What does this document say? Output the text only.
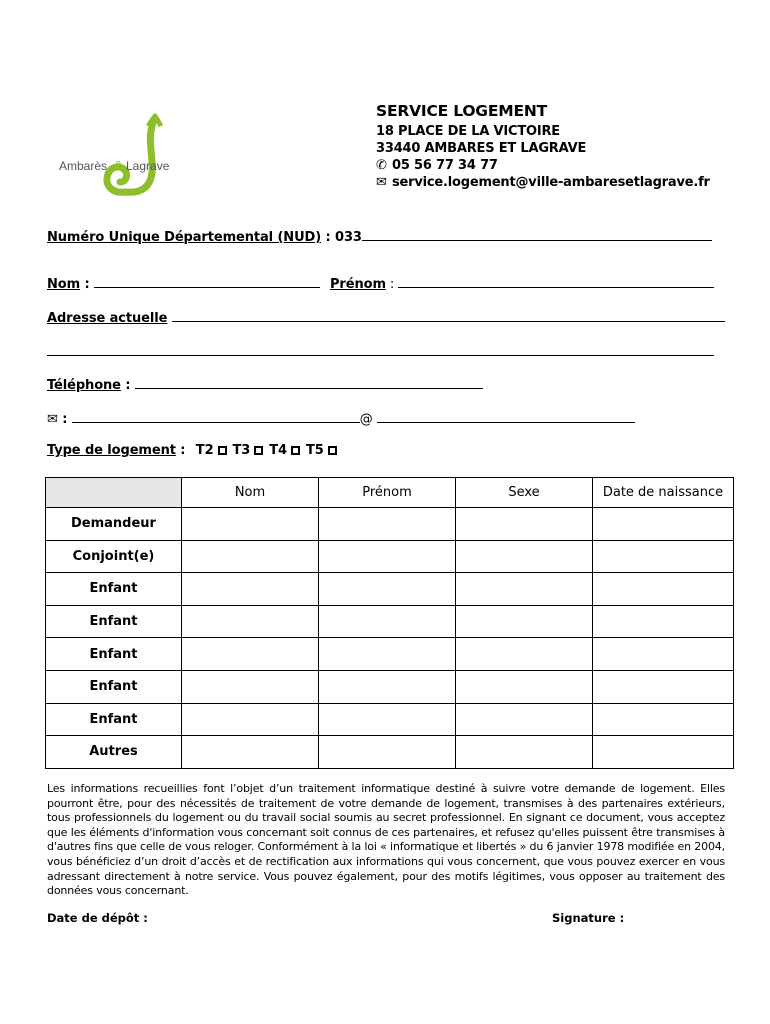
Ambarès & Lagrave
SERVICE LOGEMENT
18 PLACE DE LA VICTOIRE
33440 AMBARES ET LAGRAVE
✆ 05 56 77 34 77
✉ service.logement@ville-ambaresetlagrave.fr
Numéro Unique Départemental (NUD) : 033
Nom :	Prénom :
Adresse actuelle
Téléphone :
✉ :	@
Type de logement : T2 T3 T4 T5
	Nom	Prénom	Sexe	Date de naissance
Demandeur				
Conjoint(e)				
Enfant				
Enfant				
Enfant				
Enfant				
Enfant				
Autres				
Les informations recueillies font l’objet d’un traitement informatique destiné à suivre votre demande de logement. Elles pourront être, pour des nécessités de traitement de votre demande de logement, transmises à des partenaires extérieurs, tous professionnels du logement ou du travail social soumis au secret professionnel. En signant ce document, vous acceptez que les éléments d'information vous concernant soit connus de ces partenaires, et refusez qu'elles puissent être transmises à d'autres fins que celle de vous reloger. Conformément à la loi « informatique et libertés » du 6 janvier 1978 modifiée en 2004, vous bénéficiez d’un droit d’accès et de rectification aux informations qui vous concernent, que vous pouvez exercer en vous adressant directement à notre service. Vous pouvez également, pour des motifs légitimes, vous opposer au traitement des données vous concernant.
Date de dépôt :	Signature :
